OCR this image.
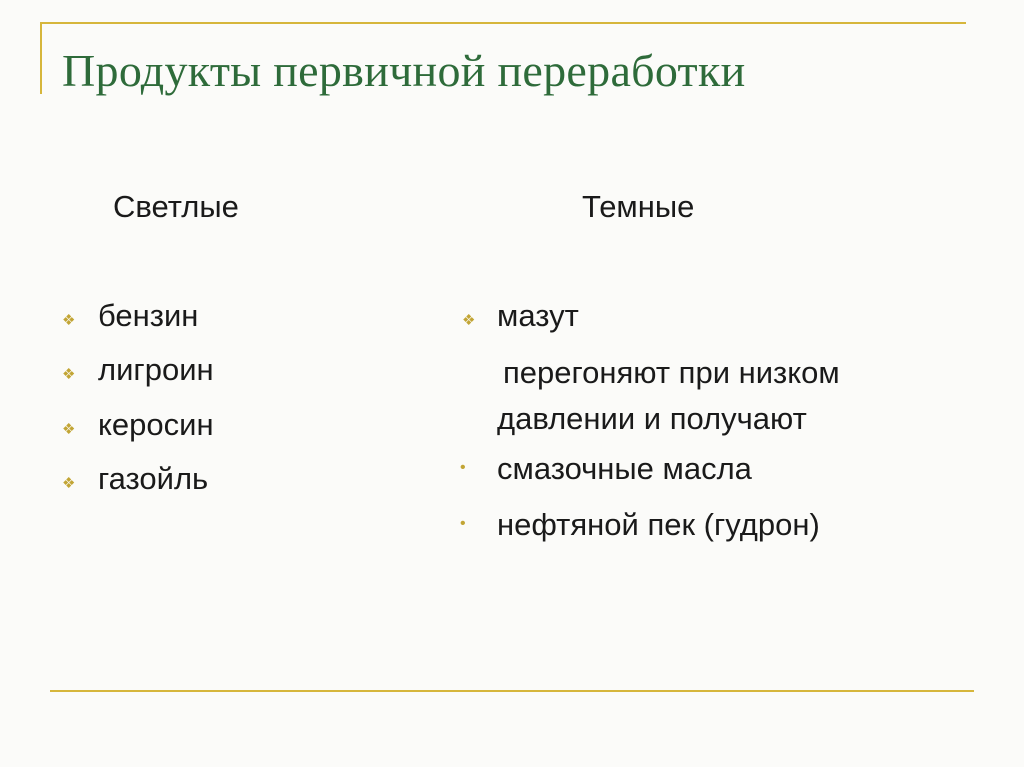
Продукты первичной переработки
Светлые
❖ бензин
❖ лигроин
❖ керосин
❖ газойль
Темные
❖ мазут
перегоняют при низком давлении и получают
• смазочные масла
• нефтяной пек (гудрон)
